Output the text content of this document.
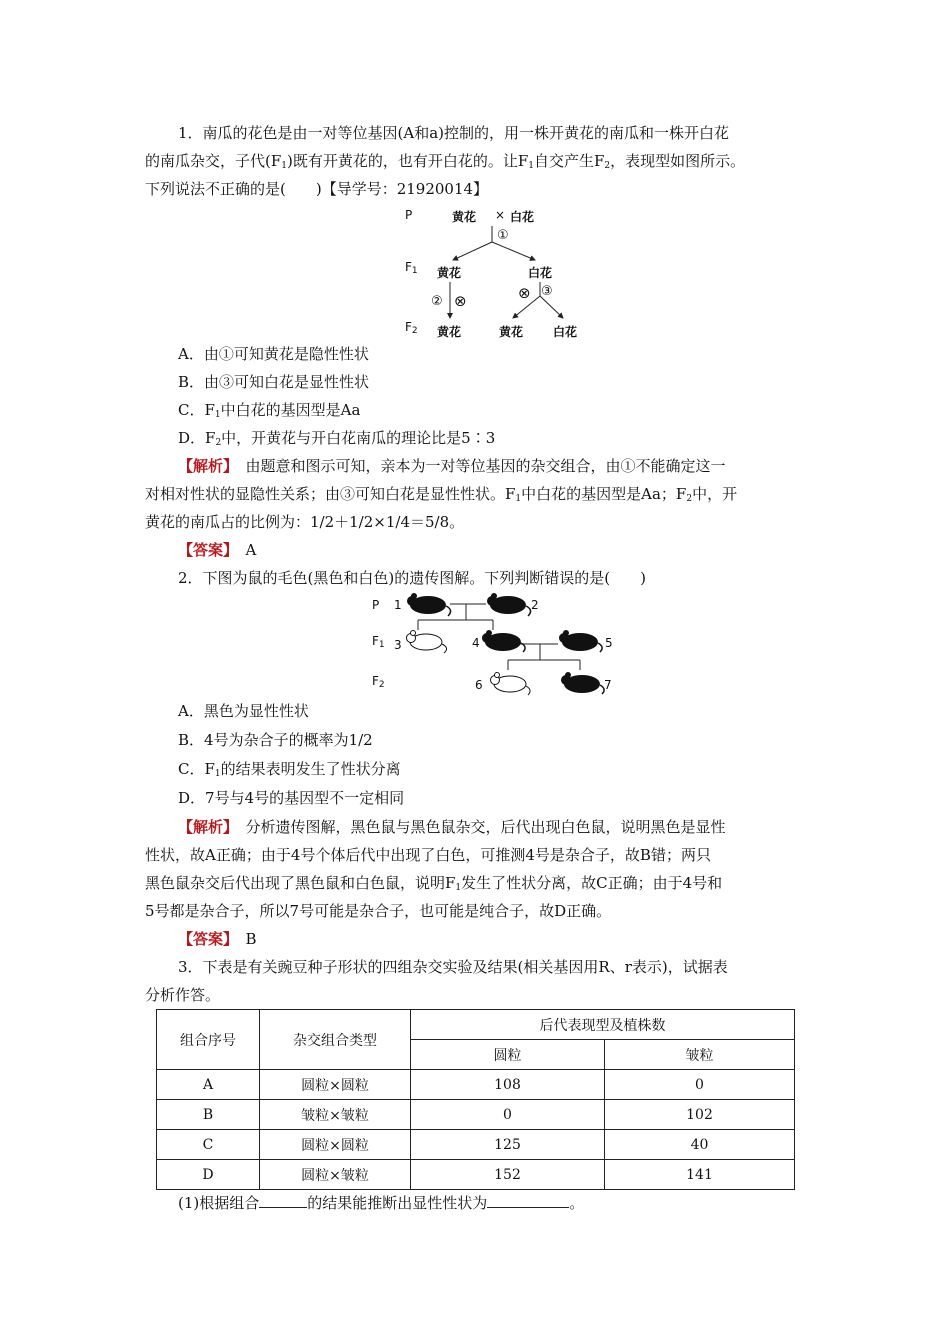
1．南瓜的花色是由一对等位基因(A和a)控制的，用一株开黄花的南瓜和一株开白花
的南瓜杂交，子代$(F_1)$既有开黄花的，也有开白花的。让$F_1$自交产生$F_2$，表现型如图所示。
下列说法不正确的是(　　)【导学号：21920014】
P	黄花 × 白花
①
$F_1$ 黄花	白花
② ⊗	⊗ ③
$F_2$ 黄花	黄花 白花
A．由①可知黄花是隐性性状
B．由③可知白花是显性性状
C．$F_1$中白花的基因型是Aa
D．$F_2$中，开黄花与开白花南瓜的理论比是5∶3
【解析】　由题意和图示可知，亲本为一对等位基因的杂交组合，由①不能确定这一
对相对性状的显隐性关系；由③可知白花是显性性状。$F_1$中白花的基因型是Aa；$F_2$中，开
黄花的南瓜占的比例为：1/2＋1/2×1/4＝5/8。
【答案】　A
2．下图为鼠的毛色(黑色和白色)的遗传图解。下列判断错误的是(　　)
P
$F_1$
$F_2$
1	2
3	4	5
6	7
A．黑色为显性性状
B．4号为杂合子的概率为1/2
C．$F_1$的结果表明发生了性状分离
D．7号与4号的基因型不一定相同
【解析】　分析遗传图解，黑色鼠与黑色鼠杂交，后代出现白色鼠，说明黑色是显性
性状，故A正确；由于4号个体后代中出现了白色，可推测4号是杂合子，故B错；两只
黑色鼠杂交后代出现了黑色鼠和白色鼠，说明$F_1$发生了性状分离，故C正确；由于4号和
5号都是杂合子，所以7号可能是杂合子，也可能是纯合子，故D正确。
【答案】　B
3．下表是有关豌豆种子形状的四组杂交实验及结果(相关基因用R、r表示)，试据表
分析作答。
组合序号	杂交组合类型	后代表现型及植株数	
		圆粒	皱粒
A	圆粒×圆粒	108	0
B	皱粒×皱粒	0	102
C	圆粒×圆粒	125	40
D	圆粒×皱粒	152	141
(1)根据组合	的结果能推断出显性性状为	。
